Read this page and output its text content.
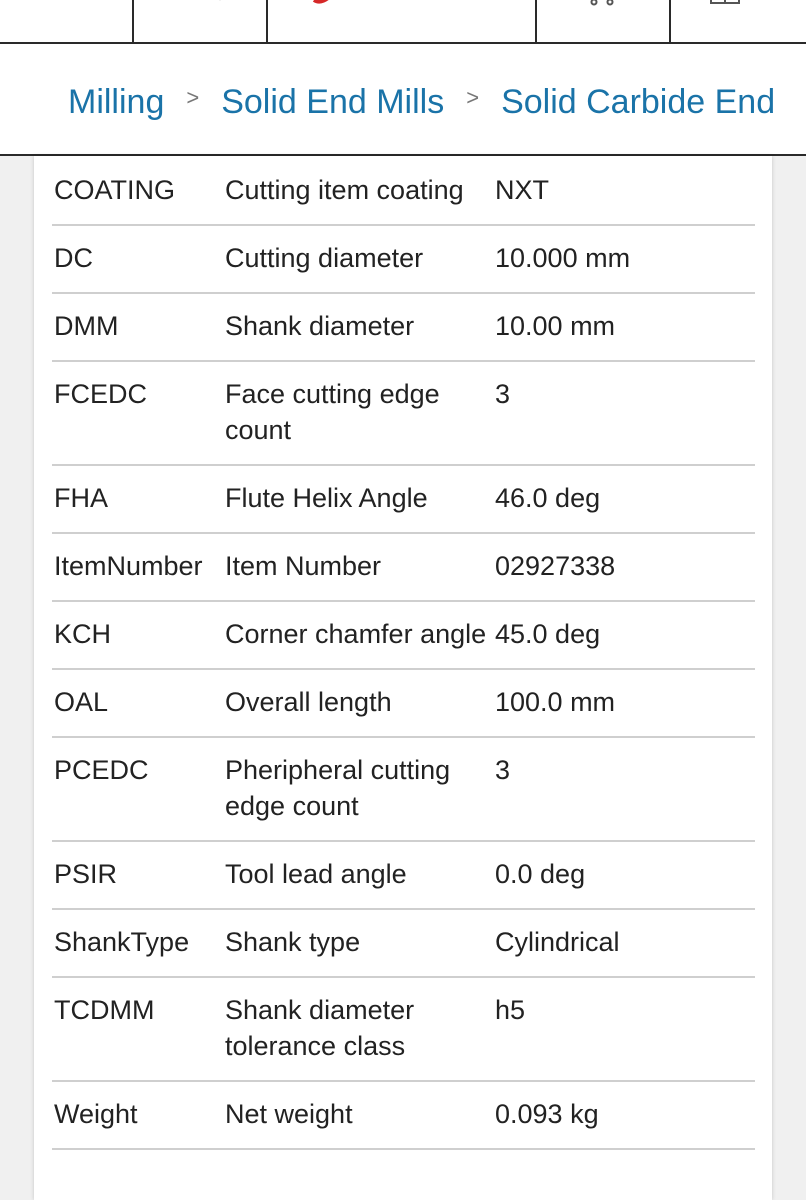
Milling > Solid End Mills > Solid Carbide End
COATING	Cutting item coating	NXT
DC	Cutting diameter	10.000 mm
DMM	Shank diameter	10.00 mm
FCEDC	Face cutting edge count	3
FHA	Flute Helix Angle	46.0 deg
ItemNumber	Item Number	02927338
KCH	Corner chamfer angle	45.0 deg
OAL	Overall length	100.0 mm
PCEDC	Pheripheral cutting edge count	3
PSIR	Tool lead angle	0.0 deg
ShankType	Shank type	Cylindrical
TCDMM	Shank diameter tolerance class	h5
Weight	Net weight	0.093 kg
